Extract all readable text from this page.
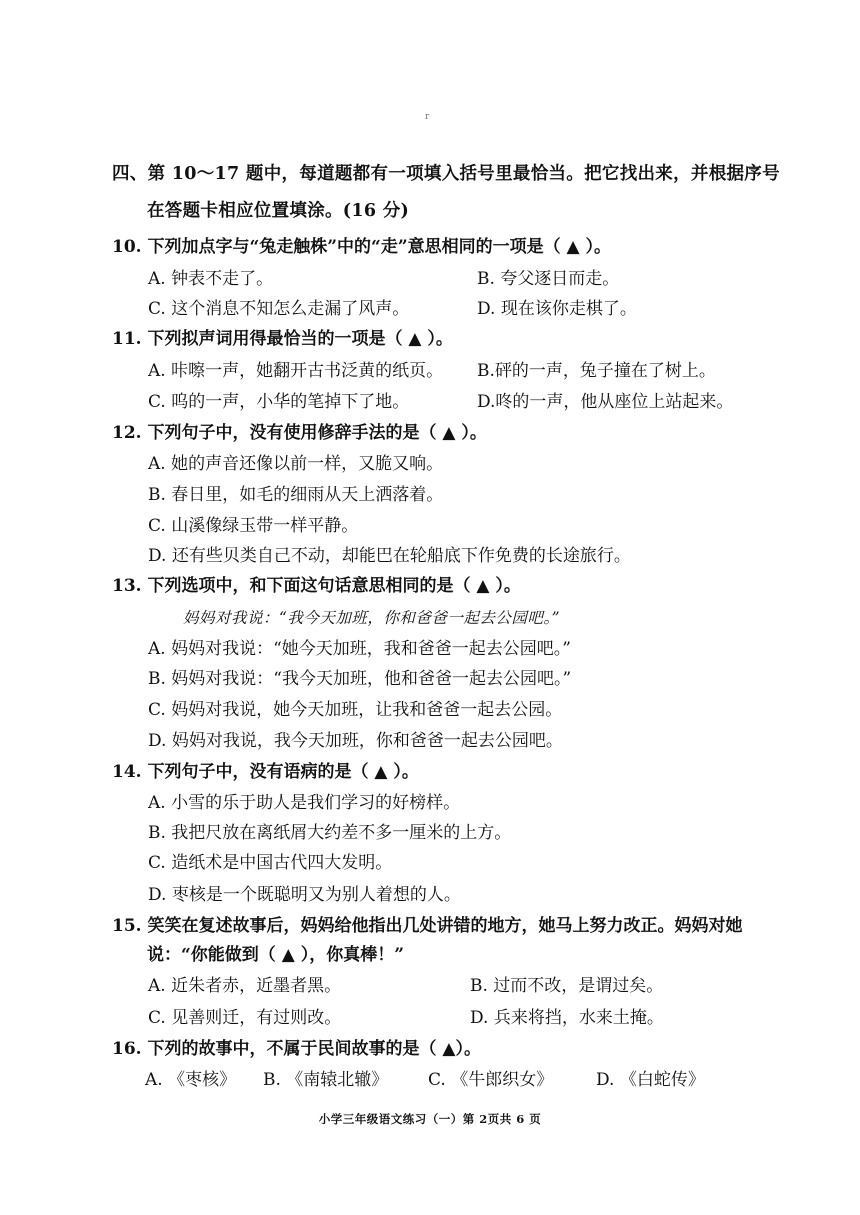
r
四、第 10～17 题中，每道题都有一项填入括号里最恰当。把它找出来，并根据序号
在答题卡相应位置填涂。(16 分)
10. 下列加点字与“兔走触株”中的“走”意思相同的一项是（ ▲ ）。
A. 钟表不走了。	B. 夸父逐日而走。
C. 这个消息不知怎么走漏了风声。	D. 现在该你走棋了。
11. 下列拟声词用得最恰当的一项是（ ▲ ）。
A. 咔嚓一声，她翻开古书泛黄的纸页。 B.砰的一声，兔子撞在了树上。
C. 呜的一声，小华的笔掉下了地。	D.咚的一声，他从座位上站起来。
12. 下列句子中，没有使用修辞手法的是（ ▲ ）。
A. 她的声音还像以前一样，又脆又响。
B. 春日里，如毛的细雨从天上洒落着。
C. 山溪像绿玉带一样平静。
D. 还有些贝类自己不动，却能巴在轮船底下作免费的长途旅行。
13. 下列选项中，和下面这句话意思相同的是（ ▲ ）。
妈妈对我说：“我今天加班，你和爸爸一起去公园吧。”
A. 妈妈对我说：“她今天加班，我和爸爸一起去公园吧。”
B. 妈妈对我说：“我今天加班，他和爸爸一起去公园吧。”
C. 妈妈对我说，她今天加班，让我和爸爸一起去公园。
D. 妈妈对我说，我今天加班，你和爸爸一起去公园吧。
14. 下列句子中，没有语病的是（ ▲ ）。
A. 小雪的乐于助人是我们学习的好榜样。
B. 我把尺放在离纸屑大约差不多一厘米的上方。
C. 造纸术是中国古代四大发明。
D. 枣核是一个既聪明又为别人着想的人。
15. 笑笑在复述故事后，妈妈给他指出几处讲错的地方，她马上努力改正。妈妈对她
说：“你能做到（ ▲ ），你真棒！”
A. 近朱者赤，近墨者黑。	B. 过而不改，是谓过矣。
C. 见善则迁，有过则改。	D. 兵来将挡，水来土掩。
16. 下列的故事中，不属于民间故事的是（ ▲）。
A. 《枣核》 B. 《南辕北辙》 C. 《牛郎织女》	D. 《白蛇传》
小学三年级语文练习（一）第 2页共 6 页
